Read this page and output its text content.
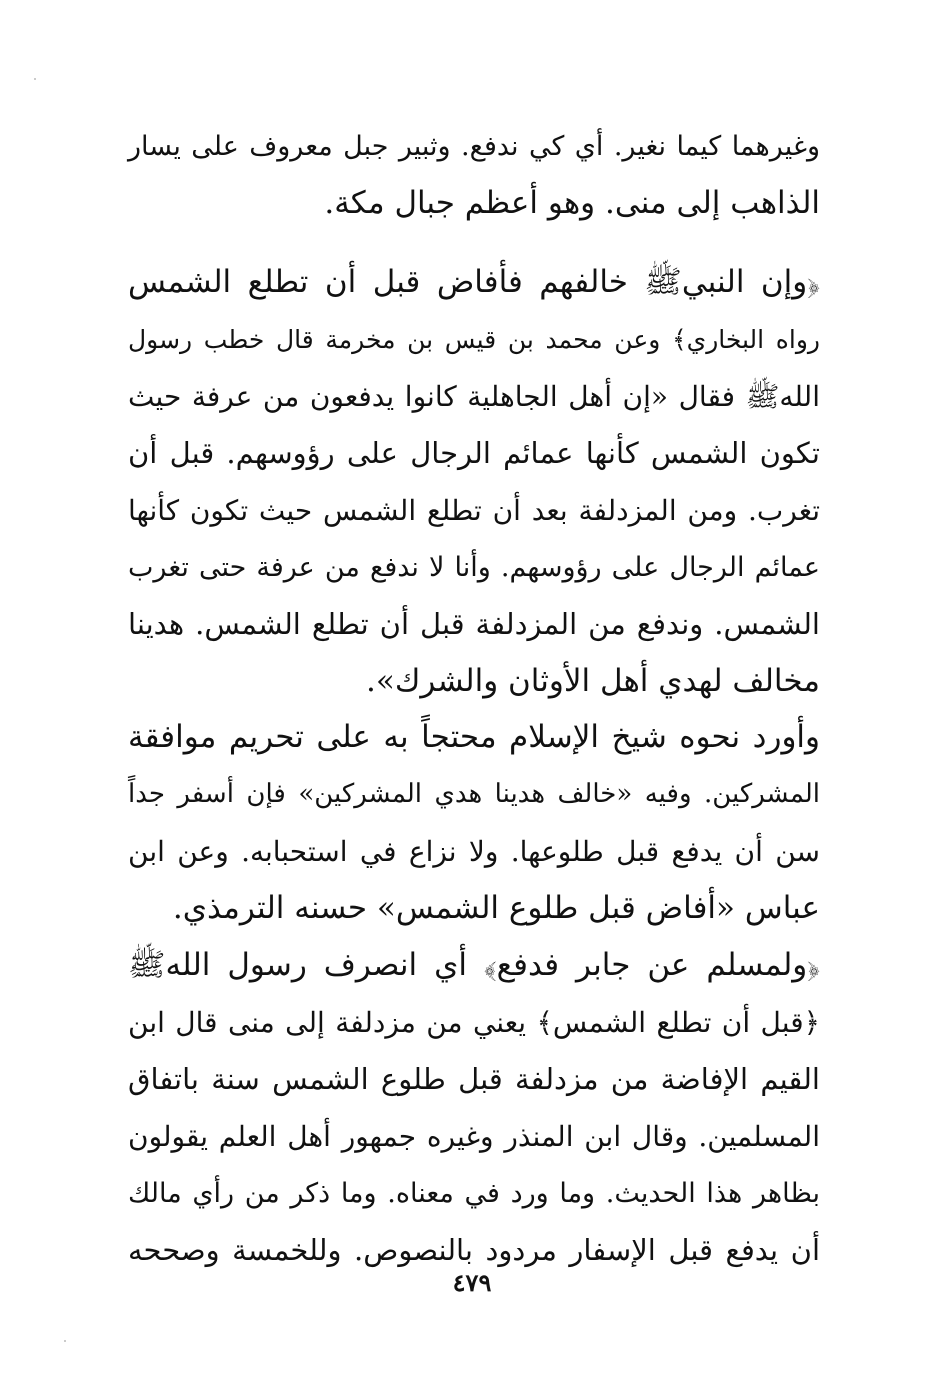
وغيرهما كيما نغير. أي كي ندفع. وثبير جبل معروف على يسار
الذاهب إلى منى. وهو أعظم جبال مكة.
﴿وإن النبيﷺ خالفهم فأفاض قبل أن تطلع الشمس
رواه البخاري﴾ وعن محمد بن قيس بن مخرمة قال خطب رسول
اللهﷺ فقال «إن أهل الجاهلية كانوا يدفعون من عرفة حيث
تكون الشمس كأنها عمائم الرجال على رؤوسهم. قبل أن
تغرب. ومن المزدلفة بعد أن تطلع الشمس حيث تكون كأنها
عمائم الرجال على رؤوسهم. وأنا لا ندفع من عرفة حتى تغرب
الشمس. وندفع من المزدلفة قبل أن تطلع الشمس. هدينا
مخالف لهدي أهل الأوثان والشرك».
وأورد نحوه شيخ الإسلام محتجاً به على تحريم موافقة
المشركين. وفيه «خالف هدينا هدي المشركين» فإن أسفر جداً
سن أن يدفع قبل طلوعها. ولا نزاع في استحبابه. وعن ابن
عباس «أفاض قبل طلوع الشمس» حسنه الترمذي.
﴿ولمسلم عن جابر فدفع﴾ أي انصرف رسول اللهﷺ
﴿قبل أن تطلع الشمس﴾ يعني من مزدلفة إلى منى قال ابن
القيم الإفاضة من مزدلفة قبل طلوع الشمس سنة باتفاق
المسلمين. وقال ابن المنذر وغيره جمهور أهل العلم يقولون
بظاهر هذا الحديث. وما ورد في معناه. وما ذكر من رأي مالك
أن يدفع قبل الإسفار مردود بالنصوص. وللخمسة وصححه
٤٧٩
